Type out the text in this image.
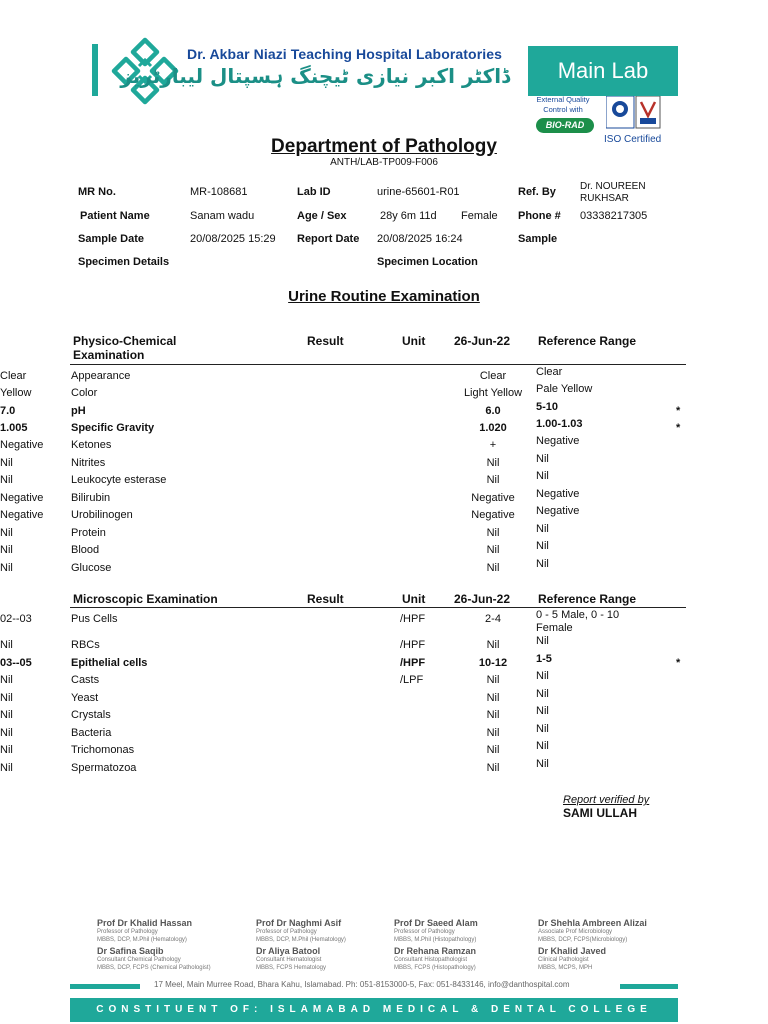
Dr. Akbar Niazi Teaching Hospital Laboratories
ڈاکٹر اکبر نیازی ٹیچنگ ہسپتال لیبارٹریز	Main Lab
External Quality Control with
BIO-RAD
ISO Certified
Department of Pathology
ANTH/LAB-TP009-F006
MR No.	MR-108681	Lab ID	urine-65601-R01	Ref. By Dr. NOUREEN
RUKHSAR
Patient Name	Sanam wadu	Age / Sex	28y 6m 11d Female Phone # 03338217305
Sample Date	20/08/2025 15:29 Report Date 20/08/2025 16:24	Sample
Specimen Details	Specimen Location
Urine Routine Examination
Physico-Chemical Examination
Result	Unit 26-Jun-22 Reference Range
Appearance
Clear	Clear	Clear
Color
Yellow	Light Yellow	Pale Yellow
pH
7.0	6.0	5-10	*
Specific Gravity
1.005	1.020	1.00-1.03	*
Ketones
Negative	+	Negative
Nitrites
Nil	Nil	Nil
Leukocyte esterase
Nil	Nil	Nil
Bilirubin
Negative	Negative	Negative
Urobilinogen
Negative	Negative	Negative
Protein
Nil	Nil	Nil
Blood
Nil	Nil	Nil
Glucose
Nil	Nil	Nil
Microscopic Examination	Result	Unit 26-Jun-22 Reference Range
Pus Cells
02--03	/HPF	2-4	0 - 5 Male, 0 - 10 Female
RBCs
Nil	/HPF	Nil	Nil
Epithelial cells
03--05	/HPF	10-12	1-5	*
Casts
Nil	/LPF	Nil	Nil
Yeast
Nil	Nil	Nil
Crystals
Nil	Nil	Nil
Bacteria
Nil	Nil	Nil
Trichomonas
Nil	Nil	Nil
Spermatozoa
Nil	Nil	Nil
Report verified by
SAMI ULLAH
Prof Dr Khalid Hassan
Professor of Pathology
MBBS, DCP, M.Phil (Hematology)
Prof Dr Naghmi Asif
Professor of Pathology
MBBS, DCP, M.Phil (Hematology)
Prof Dr Saeed Alam
Professor of Pathology
MBBS, M.Phil (Histopathology)
Dr Shehla Ambreen Alizai
Associate Prof Microbiology
MBBS, DCP, FCPS(Microbiology)
Dr Safina Saqib
Consultant Chemical Pathology
MBBS, DCP, FCPS (Chemical Pathologist)
Dr Aliya Batool
Consultant Hematologist
MBBS, FCPS Hematology
Dr Rehana Ramzan
Consultant Histopathologist
MBBS, FCPS (Histopathology)
Dr Khalid Javed
Clinical Pathologist
MBBS, MCPS, MPH
17 Meel, Main Murree Road, Bhara Kahu, Islamabad. Ph: 051-8153000-5, Fax: 051-8433146, info@danthospital.com
CONSTITUENT OF: ISLAMABAD MEDICAL & DENTAL COLLEGE
